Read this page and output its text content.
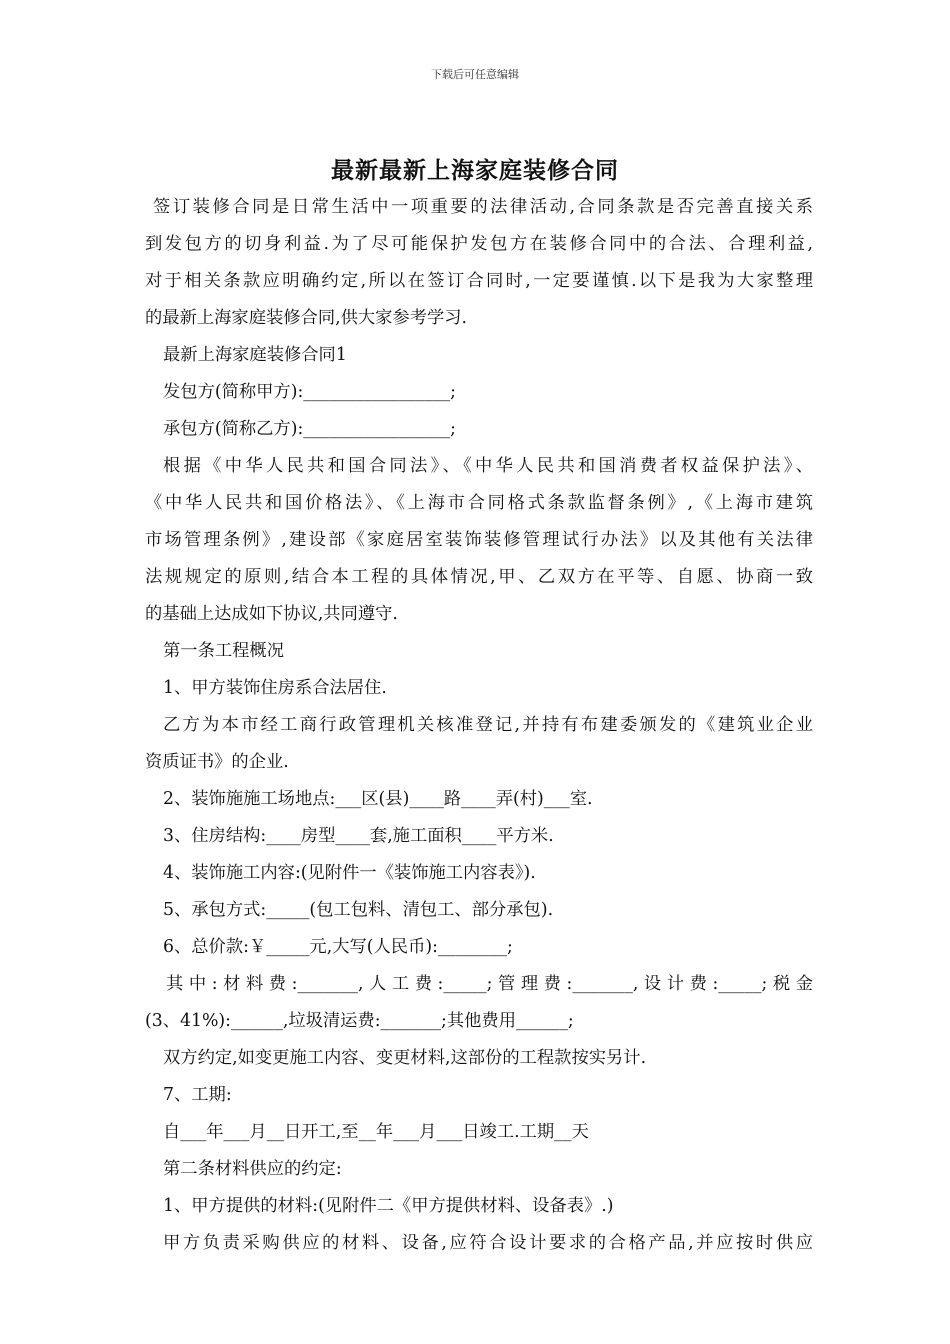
下载后可任意编辑
最新最新上海家庭装修合同
签订装修合同是日常生活中一项重要的法律活动,合同条款是否完善直接关系
到发包方的切身利益.为了尽可能保护发包方在装修合同中的合法、合理利益,
对于相关条款应明确约定,所以在签订合同时,一定要谨慎.以下是我为大家整理
的最新上海家庭装修合同,供大家参考学习.
最新上海家庭装修合同1
发包方(简称甲方):_________________;
承包方(简称乙方):_________________;
根据《中华人民共和国合同法》、《中华人民共和国消费者权益保护法》、
《中华人民共和国价格法》、《上海市合同格式条款监督条例》,《上海市建筑
市场管理条例》,建设部《家庭居室装饰装修管理试行办法》以及其他有关法律
法规规定的原则,结合本工程的具体情况,甲、乙双方在平等、自愿、协商一致
的基础上达成如下协议,共同遵守.
第一条工程概况
1、甲方装饰住房系合法居住.
乙方为本市经工商行政管理机关核准登记,并持有布建委颁发的《建筑业企业
资质证书》的企业.
2、装饰施施工场地点:___区(县)____路____弄(村)___室.
3、住房结构:____房型____套,施工面积____平方米.
4、装饰施工内容:(见附件一《装饰施工内容表》).
5、承包方式:_____(包工包料、清包工、部分承包).
6、总价款:￥_____元,大写(人民币):________;
其中:材料费:_______,人工费:_____;管理费:_______,设计费:_____;税金
(3、41%):______,垃圾清运费:_______;其他费用______;
双方约定,如变更施工内容、变更材料,这部份的工程款按实另计.
7、工期:
自___年___月__日开工,至__年___月___日竣工.工期__天
第二条材料供应的约定:
1、甲方提供的材料:(见附件二《甲方提供材料、设备表》.)
甲方负责采购供应的材料、设备,应符合设计要求的合格产品,并应按时供应
